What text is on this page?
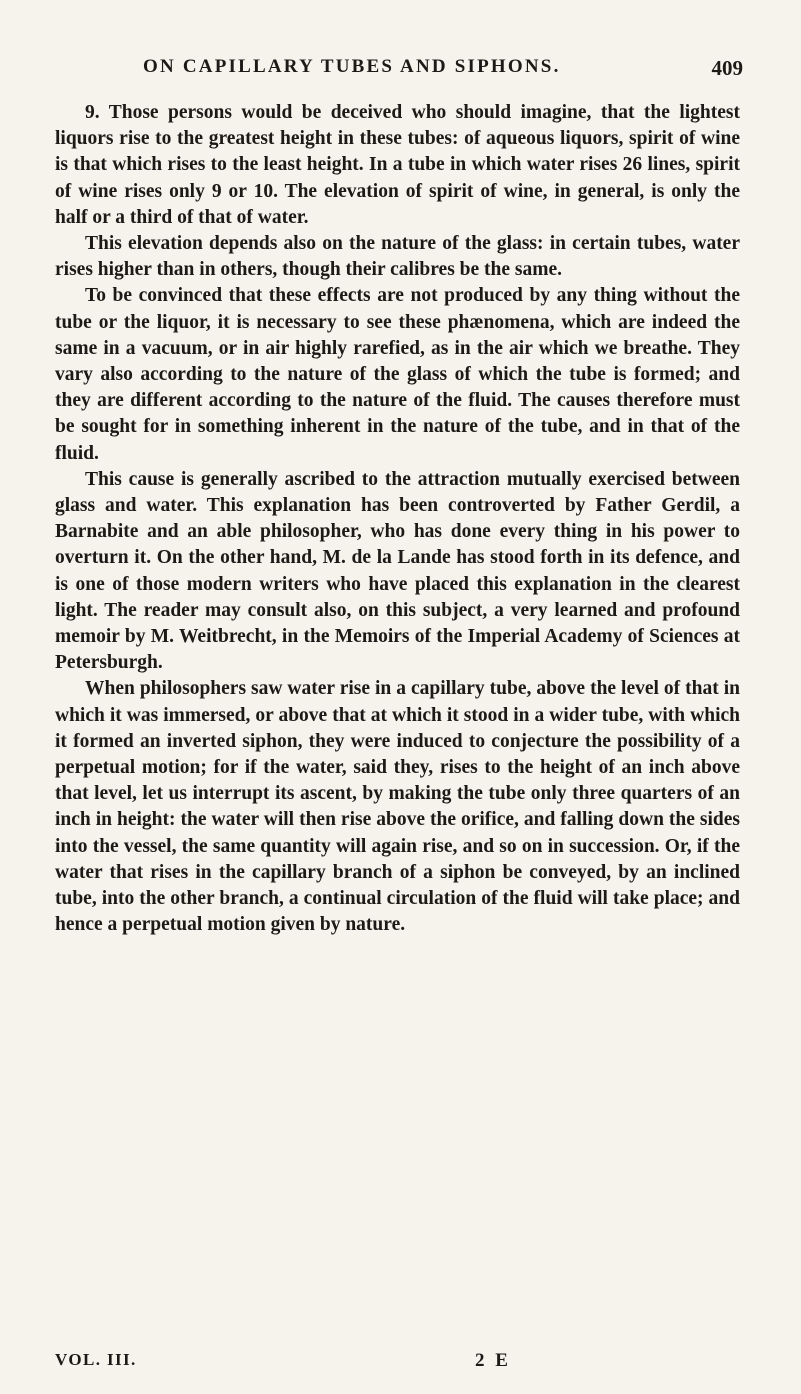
ON CAPILLARY TUBES AND SIPHONS.	409

9. Those persons would be deceived who should imagine, that the lightest liquors rise to the greatest height in these tubes: of aqueous liquors, spirit of wine is that which rises to the least height. In a tube in which water rises 26 lines, spirit of wine rises only 9 or 10. The elevation of spirit of wine, in general, is only the half or a third of that of water.

This elevation depends also on the nature of the glass: in certain tubes, water rises higher than in others, though their calibres be the same.

To be convinced that these effects are not produced by any thing without the tube or the liquor, it is necessary to see these phænomena, which are indeed the same in a vacuum, or in air highly rarefied, as in the air which we breathe. They vary also according to the nature of the glass of which the tube is formed; and they are different according to the nature of the fluid. The causes therefore must be sought for in something inherent in the nature of the tube, and in that of the fluid.

This cause is generally ascribed to the attraction mutually exercised between glass and water. This explanation has been controverted by Father Gerdil, a Barnabite and an able philosopher, who has done every thing in his power to overturn it. On the other hand, M. de la Lande has stood forth in its defence, and is one of those modern writers who have placed this explanation in the clearest light. The reader may consult also, on this subject, a very learned and profound memoir by M. Weitbrecht, in the Memoirs of the Imperial Academy of Sciences at Petersburgh.

When philosophers saw water rise in a capillary tube, above the level of that in which it was immersed, or above that at which it stood in a wider tube, with which it formed an inverted siphon, they were induced to conjecture the possibility of a perpetual motion; for if the water, said they, rises to the height of an inch above that level, let us interrupt its ascent, by making the tube only three quarters of an inch in height: the water will then rise above the orifice, and falling down the sides into the vessel, the same quantity will again rise, and so on in succession. Or, if the water that rises in the capillary branch of a siphon be conveyed, by an inclined tube, into the other branch, a continual circulation of the fluid will take place; and hence a perpetual motion given by nature.

VOL. III.	2 E
